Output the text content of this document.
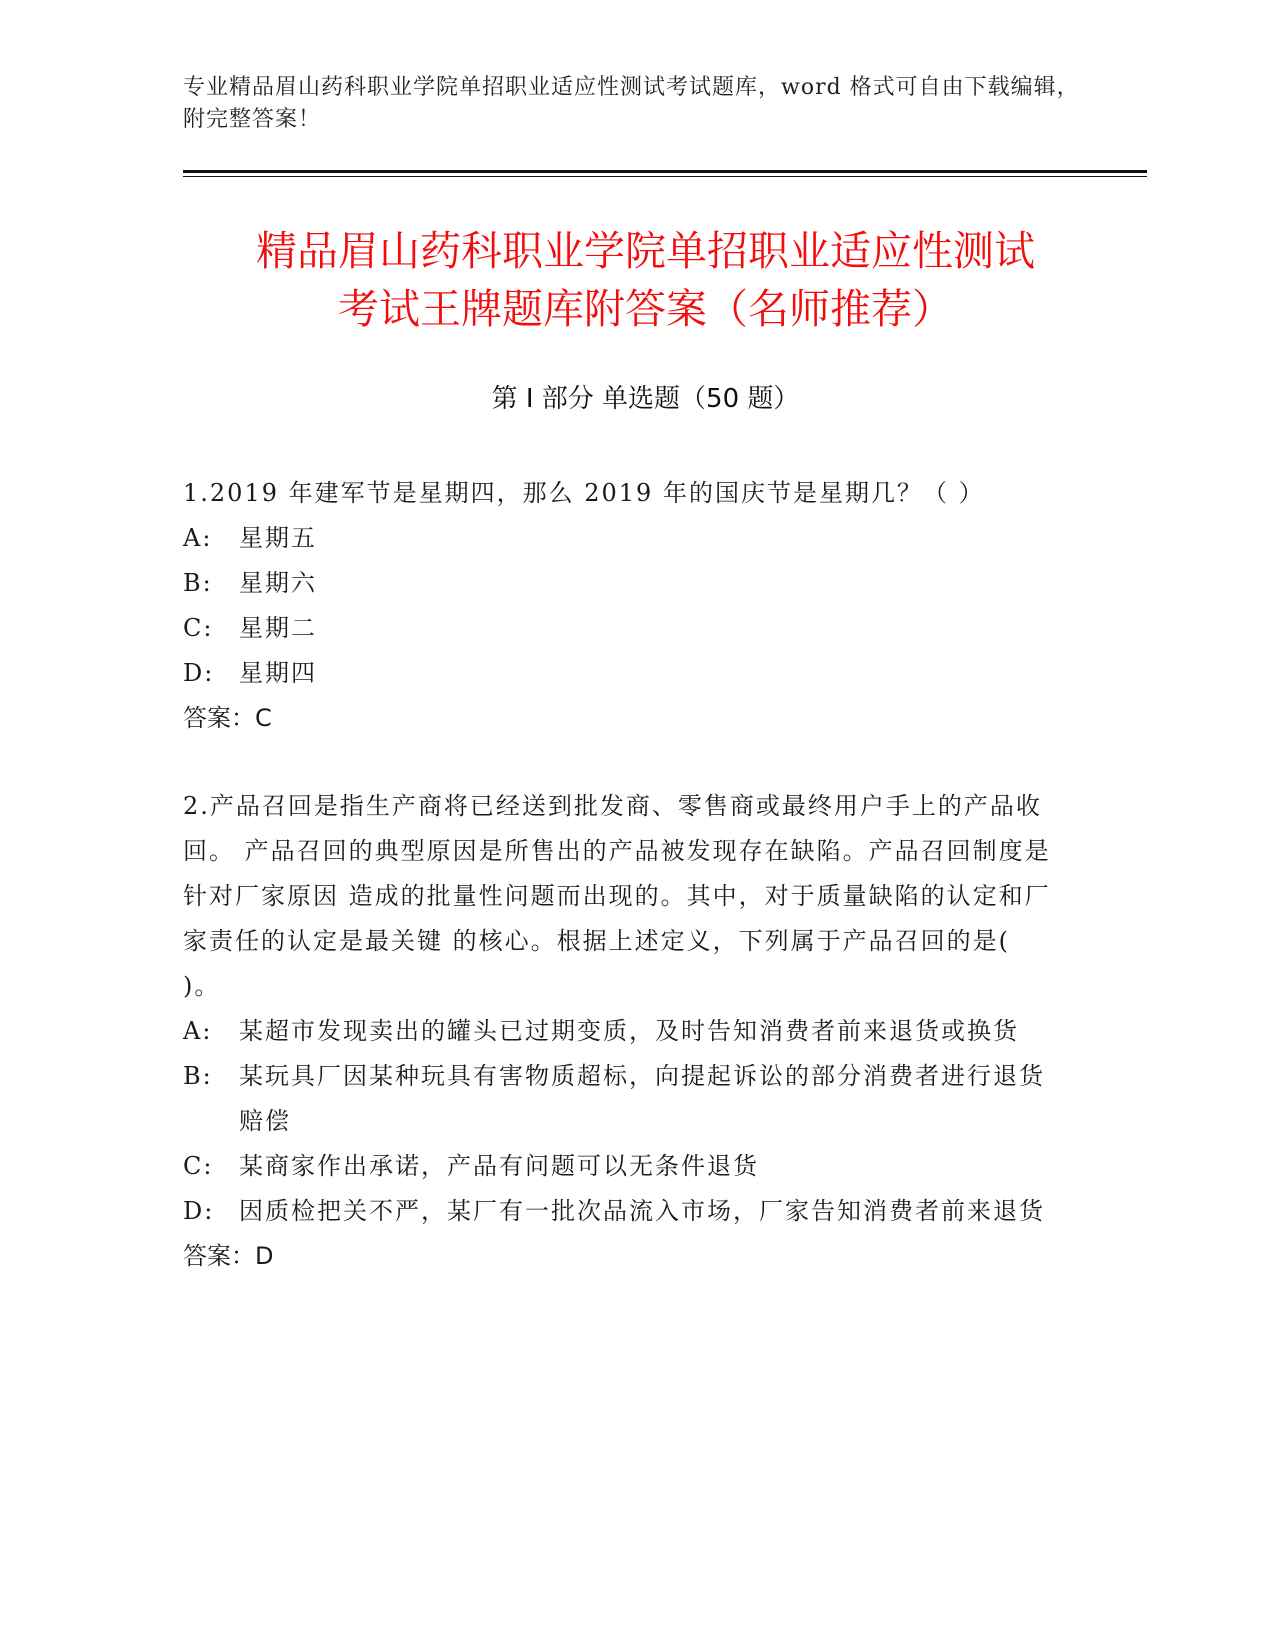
专业精品眉山药科职业学院单招职业适应性测试考试题库，word 格式可自由下载编辑，附完整答案！
精品眉山药科职业学院单招职业适应性测试
考试王牌题库附答案（名师推荐）
第 I 部分 单选题（50 题）

1.2019 年建军节是星期四，那么 2019 年的国庆节是星期几？（ ）

A:	星期五

B:	星期六

C:	星期二

D:	星期四

答案：C

2.产品召回是指生产商将已经送到批发商、零售商或最终用户手上的产品收回。 产品召回的典型原因是所售出的产品被发现存在缺陷。产品召回制度是针对厂家原因 造成的批量性问题而出现的。其中，对于质量缺陷的认定和厂家责任的认定是最关键 的核心。根据上述定义，下列属于产品召回的是( )。

A:	某超市发现卖出的罐头已过期变质，及时告知消费者前来退货或换货

B:	某玩具厂因某种玩具有害物质超标，向提起诉讼的部分消费者进行退货赔偿

C:	某商家作出承诺，产品有问题可以无条件退货

D:	因质检把关不严，某厂有一批次品流入市场，厂家告知消费者前来退货

答案：D
